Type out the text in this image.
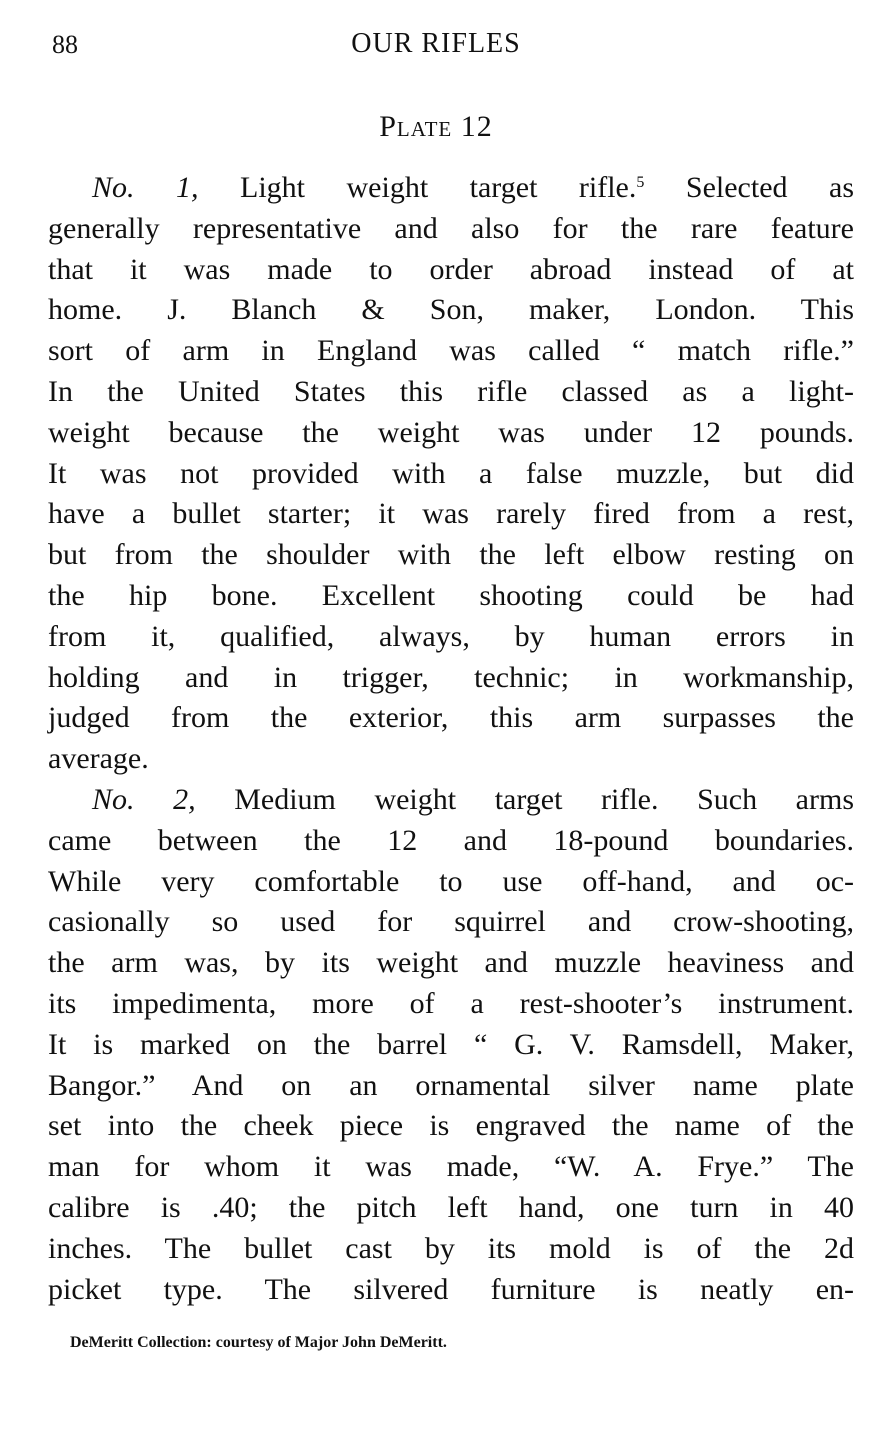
88	OUR RIFLES
Plate 12
No. 1, Light weight target rifle.$^5$ Selected as
generally representative and also for the rare feature
that it was made to order abroad instead of at
home. J. Blanch & Son, maker, London. This
sort of arm in England was called “ match rifle.”
In the United States this rifle classed as a light-
weight because the weight was under 12 pounds.
It was not provided with a false muzzle, but did
have a bullet starter; it was rarely fired from a rest,
but from the shoulder with the left elbow resting on
the hip bone. Excellent shooting could be had
from it, qualified, always, by human errors in
holding and in trigger, technic; in workmanship,
judged from the exterior, this arm surpasses the
average.
No. 2, Medium weight target rifle. Such arms
came between the 12 and 18-pound boundaries.
While very comfortable to use off-hand, and oc-
casionally so used for squirrel and crow-shooting,
the arm was, by its weight and muzzle heaviness and
its impedimenta, more of a rest-shooter’s instrument.
It is marked on the barrel “ G. V. Ramsdell, Maker,
Bangor.” And on an ornamental silver name plate
set into the cheek piece is engraved the name of the
man for whom it was made, “W. A. Frye.” The
calibre is .40; the pitch left hand, one turn in 40
inches. The bullet cast by its mold is of the 2d
picket type. The silvered furniture is neatly en-
DeMeritt Collection: courtesy of Major John DeMeritt.
